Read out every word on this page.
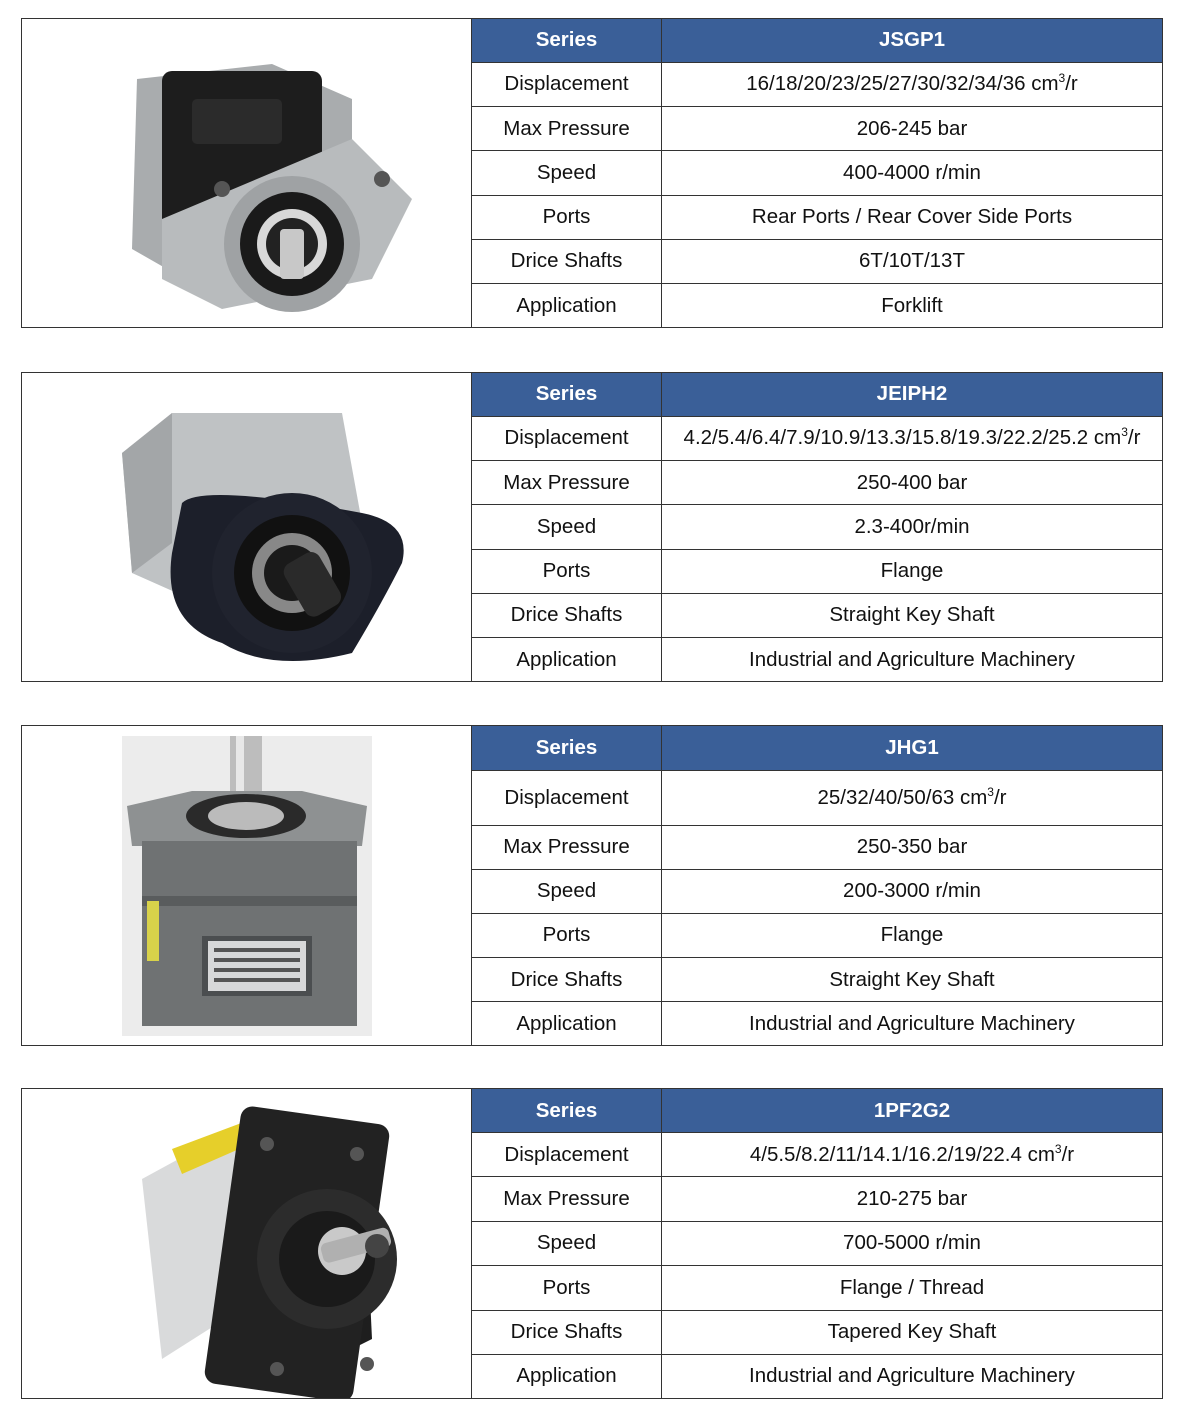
Series	JSGP1
Displacement	16/18/20/23/25/27/30/32/34/36 $cm^3/r$
Max Pressure	206-245 bar
Speed	400-4000 r/min
Ports	Rear Ports / Rear Cover Side Ports
Drice Shafts	6T/10T/13T
Application	Forklift
Series	JEIPH2
Displacement	4.2/5.4/6.4/7.9/10.9/13.3/15.8/19.3/22.2/25.2 $cm^3/r$
Max Pressure	250-400 bar
Speed	2.3-400r/min
Ports	Flange
Drice Shafts	Straight Key Shaft
Application	Industrial and Agriculture Machinery
Series	JHG1
Displacement	25/32/40/50/63 $cm^3/r$
Max Pressure	250-350 bar
Speed	200-3000 r/min
Ports	Flange
Drice Shafts	Straight Key Shaft
Application	Industrial and Agriculture Machinery
Series	1PF2G2
Displacement	4/5.5/8.2/11/14.1/16.2/19/22.4 $cm^3/r$
Max Pressure	210-275 bar
Speed	700-5000 r/min
Ports	Flange / Thread
Drice Shafts	Tapered Key Shaft
Application	Industrial and Agriculture Machinery
